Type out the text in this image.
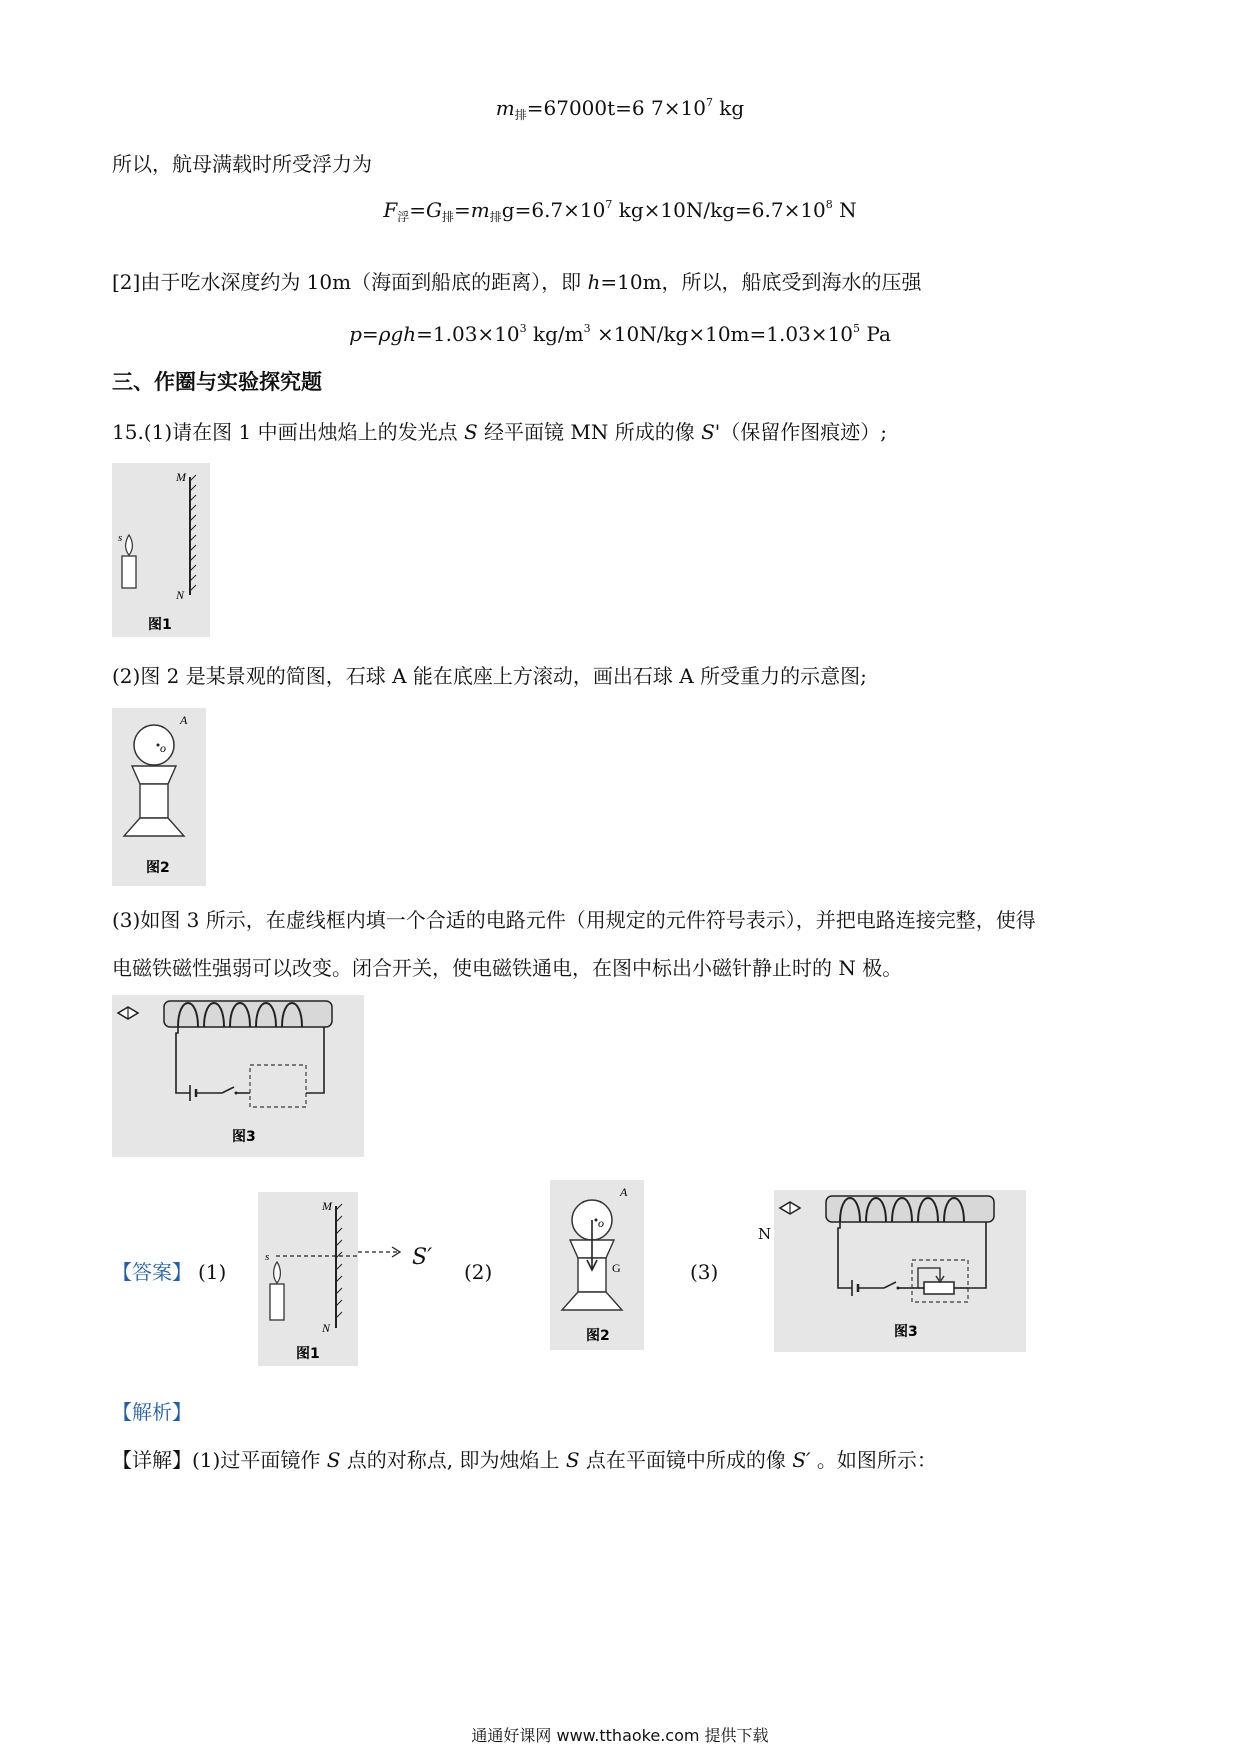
$m_排=67000t=6$ $7\times 10^7$ kg
所以，航母满载时所受浮力为
$F_浮=G_排=m_排g=6.7\times 10^7$ $kg\times 10N/kg=6.7\times 10^8$ N
[2]由于吃水深度约为 10m（海面到船底的距离），即 h=10m，所以，船底受到海水的压强
$p=\rho gh=1.03\times 10^3$ $kg/m^3 \times 10N/kg\times 10m=1.03\times 10^5$ Pa
三、作圈与实验探究题
15.(1)请在图 1 中画出烛焰上的发光点 S 经平面镜 MN 所成的像 S'（保留作图痕迹）;
M
N
s
图1
(2)图 2 是某景观的简图，石球 A 能在底座上方滚动，画出石球 A 所受重力的示意图;
o
A
图2
(3)如图 3 所示，在虚线框内填一个合适的电路元件（用规定的元件符号表示），并把电路连接完整，使得
电磁铁磁性强弱可以改变。闭合开关，使电磁铁通电，在图中标出小磁针静止时的 N 极。
图3
【答案】 (1)
M
N
s
图1
S′
(2)
o
A
G
图2
(3)
N
图3
【解析】
【详解】(1)过平面镜作 S 点的对称点, 即为烛焰上 S 点在平面镜中所成的像 S′ 。如图所示：
通通好课网 www.tthaoke.com 提供下载
